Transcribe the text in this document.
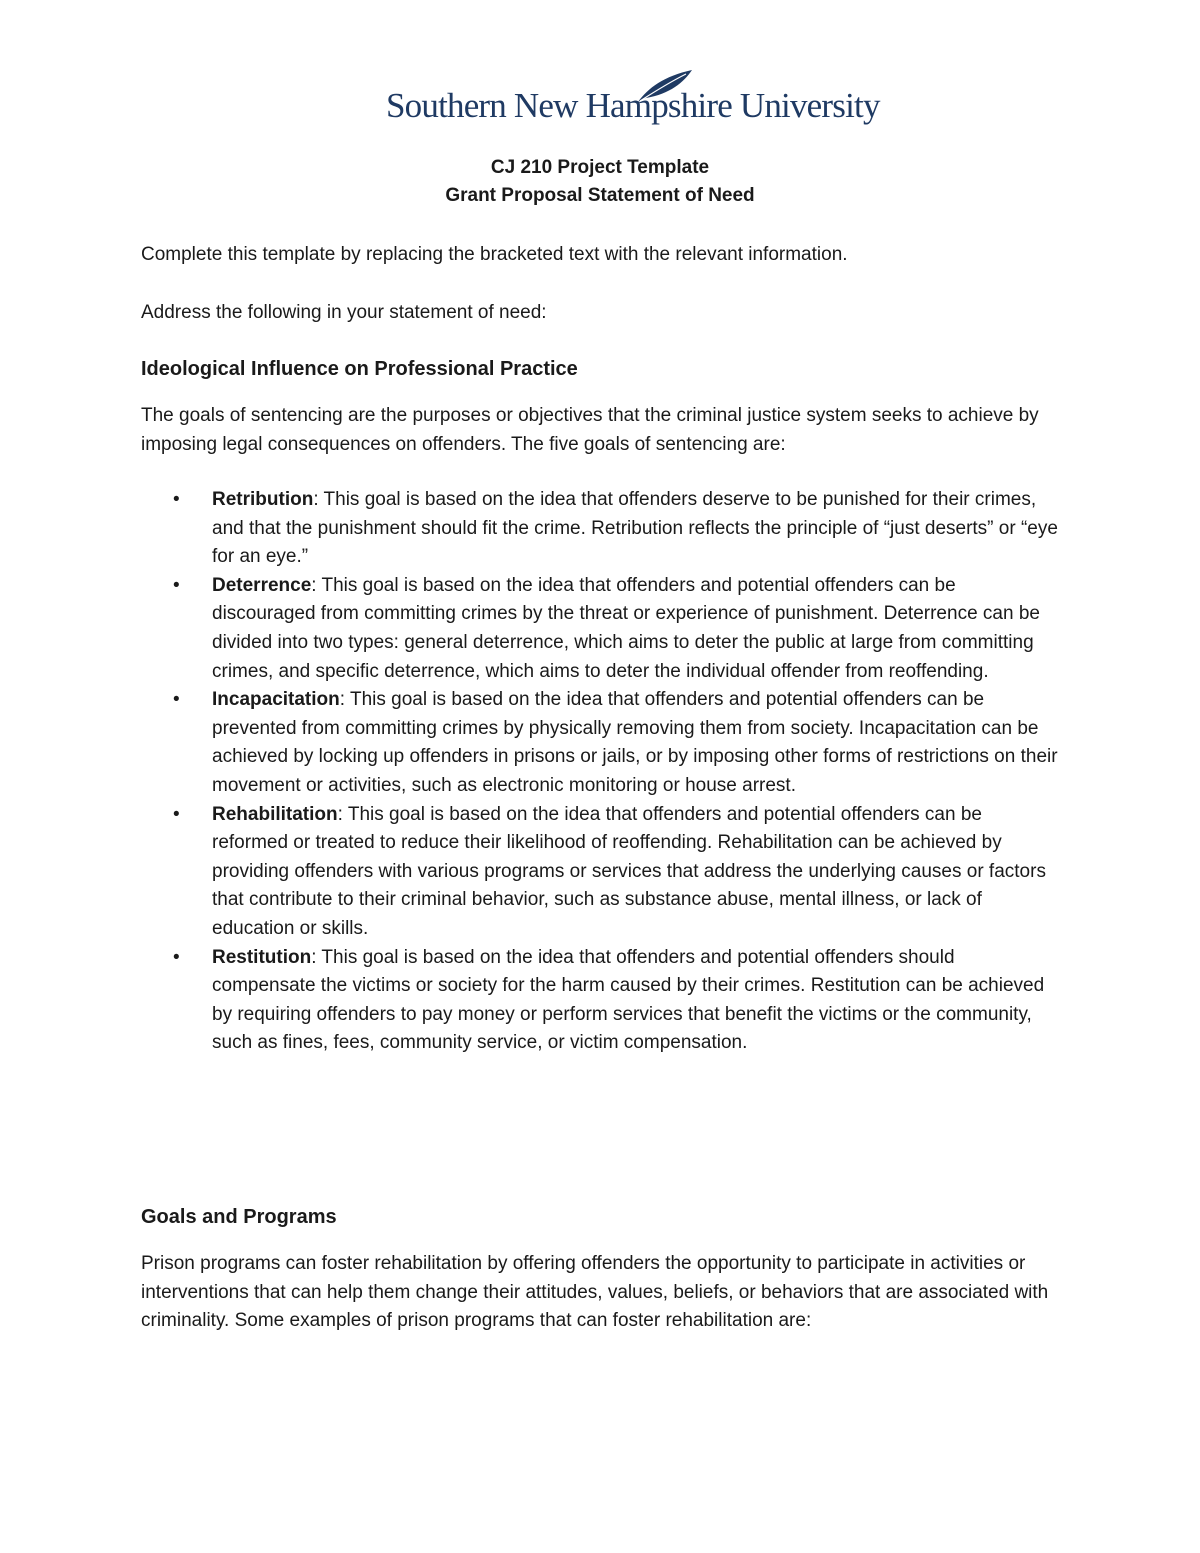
Southern New Hampshire University
CJ 210 Project Template
Grant Proposal Statement of Need
Complete this template by replacing the bracketed text with the relevant information.
Address the following in your statement of need:
Ideological Influence on Professional Practice
The goals of sentencing are the purposes or objectives that the criminal justice system seeks to achieve by imposing legal consequences on offenders. The five goals of sentencing are:
• Retribution: This goal is based on the idea that offenders deserve to be punished for their crimes, and that the punishment should fit the crime. Retribution reflects the principle of “just deserts” or “eye for an eye.”
• Deterrence: This goal is based on the idea that offenders and potential offenders can be discouraged from committing crimes by the threat or experience of punishment. Deterrence can be divided into two types: general deterrence, which aims to deter the public at large from committing crimes, and specific deterrence, which aims to deter the individual offender from reoffending.
• Incapacitation: This goal is based on the idea that offenders and potential offenders can be prevented from committing crimes by physically removing them from society. Incapacitation can be achieved by locking up offenders in prisons or jails, or by imposing other forms of restrictions on their movement or activities, such as electronic monitoring or house arrest.
• Rehabilitation: This goal is based on the idea that offenders and potential offenders can be reformed or treated to reduce their likelihood of reoffending. Rehabilitation can be achieved by providing offenders with various programs or services that address the underlying causes or factors that contribute to their criminal behavior, such as substance abuse, mental illness, or lack of education or skills.
• Restitution: This goal is based on the idea that offenders and potential offenders should compensate the victims or society for the harm caused by their crimes. Restitution can be achieved by requiring offenders to pay money or perform services that benefit the victims or the community, such as fines, fees, community service, or victim compensation.
Goals and Programs
Prison programs can foster rehabilitation by offering offenders the opportunity to participate in activities or interventions that can help them change their attitudes, values, beliefs, or behaviors that are associated with criminality. Some examples of prison programs that can foster rehabilitation are:
